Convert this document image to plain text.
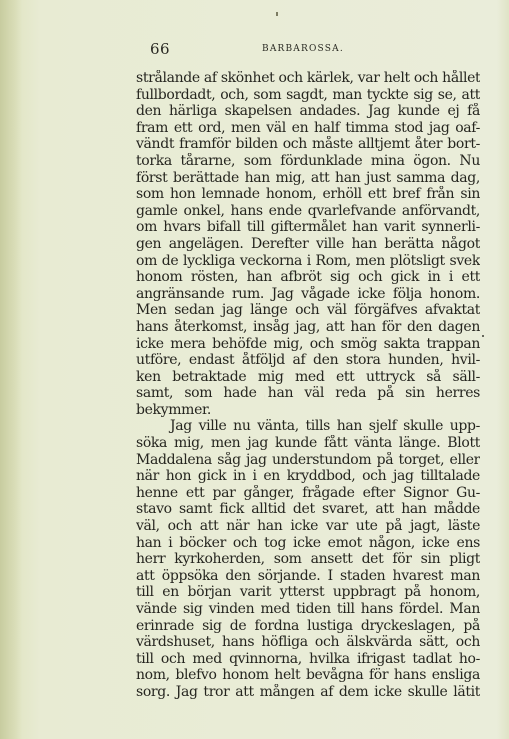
66	BARBAROSSA.
strålande af skönhet och kärlek, var helt och hållet
fullbordadt, och, som sagdt, man tyckte sig se, att
den härliga skapelsen andades. Jag kunde ej få
fram ett ord, men väl en half timma stod jag oaf-
vändt framför bilden och måste alltjemt åter bort-
torka tårarne, som fördunklade mina ögon. Nu
först berättade han mig, att han just samma dag,
som hon lemnade honom, erhöll ett bref från sin
gamle onkel, hans ende qvarlefvande anförvandt,
om hvars bifall till giftermålet han varit synnerli-
gen angelägen. Derefter ville han berätta något
om de lyckliga veckorna i Rom, men plötsligt svek
honom rösten, han afbröt sig och gick in i ett
angränsande rum. Jag vågade icke följa honom.
Men sedan jag länge och väl förgäfves afvaktat
hans återkomst, insåg jag, att han för den dagen
icke mera behöfde mig, och smög sakta trappan
utföre, endast åtföljd af den stora hunden, hvil-
ken betraktade mig med ett uttryck så säll-
samt, som hade han väl reda på sin herres
bekymmer.
Jag ville nu vänta, tills han sjelf skulle upp-
söka mig, men jag kunde fått vänta länge. Blott
Maddalena såg jag understundom på torget, eller
när hon gick in i en kryddbod, och jag tilltalade
henne ett par gånger, frågade efter Signor Gu-
stavo samt fick alltid det svaret, att han mådde
väl, och att när han icke var ute på jagt, läste
han i böcker och tog icke emot någon, icke ens
herr kyrkoherden, som ansett det för sin pligt
att öppsöka den sörjande. I staden hvarest man
till en början varit ytterst uppbragt på honom,
vände sig vinden med tiden till hans fördel. Man
erinrade sig de fordna lustiga dryckeslagen, på
värdshuset, hans höfliga och älskvärda sätt, och
till och med qvinnorna, hvilka ifrigast tadlat ho-
nom, blefvo honom helt bevågna för hans ensliga
sorg. Jag tror att mången af dem icke skulle lätit
